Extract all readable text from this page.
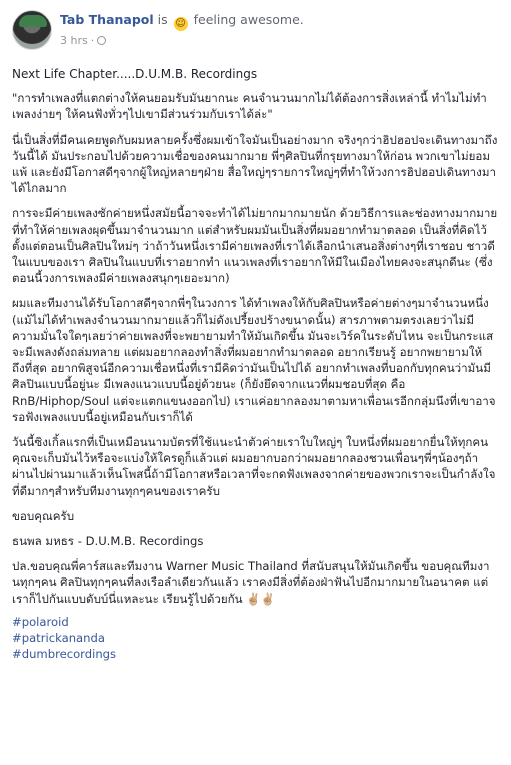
Tab Thanapol is ☺ feeling awesome.
3 hrs ·

Next Life Chapter.....D.U.M.B. Recordings

"การทำเพลงที่แตกต่างให้คนยอมรับมันยากนะ คนจำนวนมากไม่ได้ต้องการสิ่งเหล่านี้ ทำไมไม่ทำเพลงง่ายๆ ให้คนฟังทั่วๆไปเขามีส่วนร่วมกับเราได้ล่ะ"

นี่เป็นสิ่งที่มีคนเคยพูดกับผมหลายครั้งซึ่งผมเข้าใจมันเป็นอย่างมาก จริงๆกว่าฮิปฮอปจะเดินทางมาถึงวันนี้ได้ มันประกอบไปด้วยความเชื่อของคนมากมาย พี่ๆศิลปินที่กรุยทางมาให้ก่อน พวกเขาไม่ยอมแพ้ และยังมีโอกาสดีๆจากผู้ใหญ่หลายๆฝ่าย สื่อใหญ่ๆรายการใหญ่ๆที่ทำให้วงการฮิปฮอปเดินทางมาได้ไกลมาก

การจะมีค่ายเพลงซักค่ายหนึ่งสมัยนี้อาจจะทำได้ไม่ยากมากมายนัก ด้วยวิธีการและช่องทางมากมายที่ทำให้ค่ายเพลงผุดขึ้นมาจำนวนมาก แต่สำหรับผมมันเป็นสิ่งที่ผมอยากทำมาตลอด เป็นสิ่งที่คิดไว้ตั้งแต่ตอนเป็นศิลปินใหม่ๆ ว่าถ้าวันหนึ่งเรามีค่ายเพลงที่เราได้เลือกนำเสนอสิ่งต่างๆที่เราชอบ ชาวดีในแบบของเรา ศิลปินในแบบที่เราอยากทำ แนวเพลงที่เราอยากให้มีในเมืองไทยคงจะสนุกดีนะ (ซึ่งตอนนี้วงการเพลงมีค่ายเพลงสนุกๆเยอะมาก)

ผมและทีมงานได้รับโอกาสดีๆจากพี่ๆในวงการ ได้ทำเพลงให้กับศิลปินหรือค่ายต่างๆมาจำนวนหนึ่ง (แม้ไม่ได้ทำเพลงจำนวนมากมายแล้วก็ไม่ดังเปรี้ยงปร้างขนาดนั้น) สารภาพตามตรงเลยว่าไม่มีความมั่นใจใดๆเลยว่าค่ายเพลงที่จะพยายามทำให้มันเกิดขึ้น มันจะเวิร์คในระดับไหน จะเป็นกระแส จะมีเพลงดังถล่มทลาย แต่ผมอยากลองทำสิ่งที่ผมอยากทำมาตลอด อยากเรียนรู้ อยากพยายามให้ถึงที่สุด อยากพิสูจน์อีกความเชื่อหนึ่งที่เรามีคิดว่ามันเป็นไปได้ อยากทำเพลงที่บอกกับทุกคนว่ามันมีศิลปินแบบนี้อยู่นะ มีเพลงแนวแบบนี้อยู่ด้วยนะ (ก็ยังยึดจากแนวที่ผมชอบที่สุด คือ RnB/Hiphop/Soul แต่จะแตกแขนงออกไป) เราแค่อยากลองมาตามหาเพื่อนเรอีกกลุ่มนึงที่เขาอาจรอฟังเพลงแบบนี้อยู่เหมือนกับเราก็ได้

วันนี้ซิงเกิ้ลแรกที่เป็นเหมือนนามบัตรที่ใช้แนะนำตัวค่ายเราใบใหญ่ๆ ใบหนึ่งที่ผมอยากยื่นให้ทุกคน คุณจะเก็บมันไว้หรือจะแบ่งให้ใครดูก็แล้วแต่ ผมอยากบอกว่าผมอยากลองชวนเพื่อนๆพี่ๆน้องๆถ้าผ่านไปผ่านมาแล้วเห็นโพสนี้ถ้ามีโอกาสหรือเวลาที่จะกดฟังเพลงจากค่ายของพวกเราจะเป็นกำลังใจที่ดีมากๆสำหรับทีมงานทุกๆคนของเราครับ

ขอบคุณครับ

ธนพล มหธร - D.U.M.B. Recordings

ปล.ขอบคุณพี่คาร์สและทีมงาน Warner Music Thailand ที่สนับสนุนให้มันเกิดขึ้น ขอบคุณทีมงานทุกๆคน ศิลปินทุกๆคนที่ลงเรือลำเดียวกันแล้ว เราคงมีสิ่งที่ต้องฝ่าฟันไปอีกมากมายในอนาคต แต่เราก็ไปกันแบบดับบ์นี่แหละนะ เรียนรู้ไปด้วยกัน ✌🏼✌🏼

#polaroid
#patrickananda
#dumbrecordings
